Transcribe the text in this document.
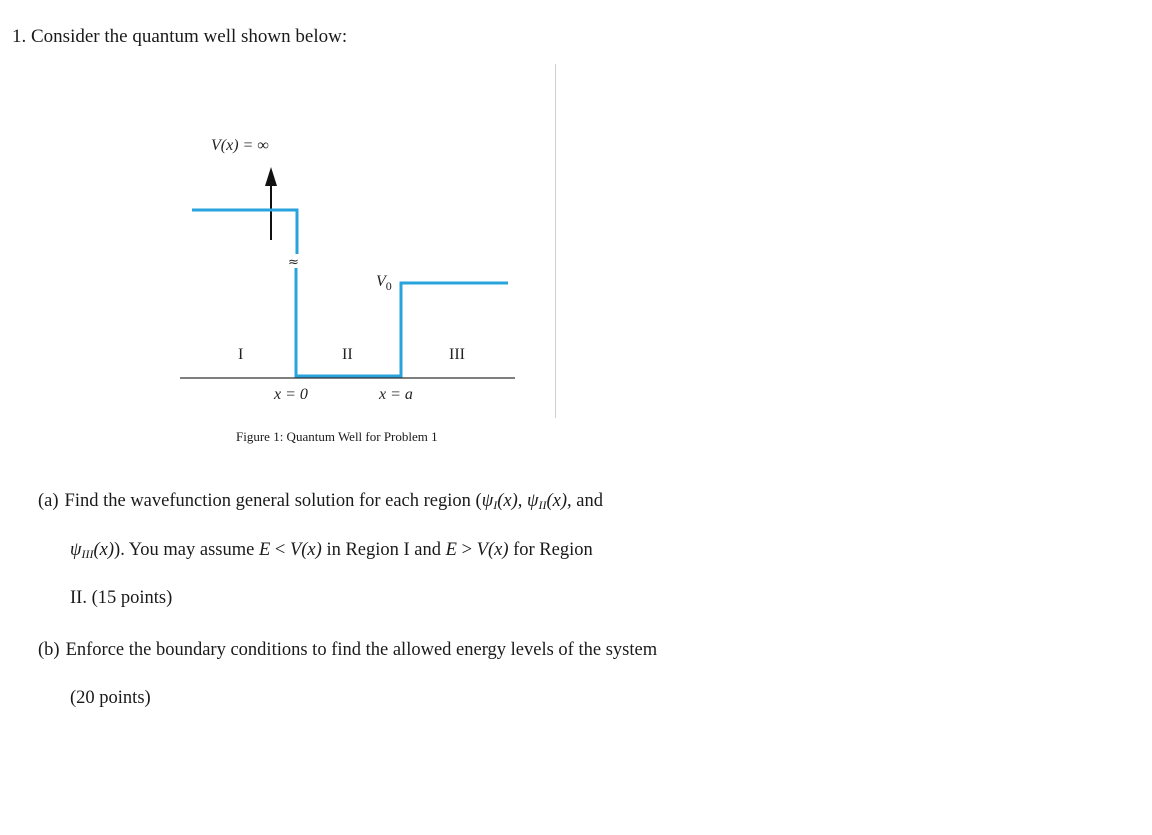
1. Consider the quantum well shown below:
V(x) = ∞
≈
$V_0$
I	II	III
x = 0	x = a
Figure 1: Quantum Well for Problem 1
(a) Find the wavefunction general solution for each region ($\psi_I(x)$, $\psi_{II}(x)$, and
$\psi_{III}(x)$). You may assume E < V(x) in Region I and E > V(x) for Region
II. (15 points)
(b) Enforce the boundary conditions to find the allowed energy levels of the system
(20 points)
